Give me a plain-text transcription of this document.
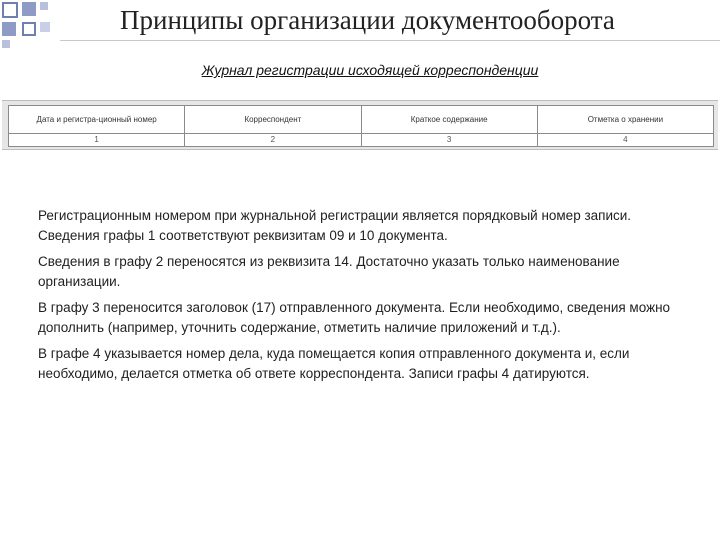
Принципы организации документооборота
Журнал регистрации исходящей корреспонденции
Дата и регистра-ционный номер	Корреспондент	Краткое содержание	Отметка о хранении
1	2	3	4

Регистрационным номером при журнальной регистрации является порядковый номер записи. Сведения графы 1 соответствуют реквизитам 09 и 10 документа.

Сведения в графу 2 переносятся из реквизита 14. Достаточно указать только наименование организации.

В графу 3 переносится заголовок (17) отправленного документа. Если необходимо, сведения можно дополнить (например, уточнить содержание, отметить наличие приложений и т.д.).

В графе 4 указывается номер дела, куда помещается копия отправленного документа и, если необходимо, делается отметка об ответе корреспондента. Записи графы 4 датируются.
